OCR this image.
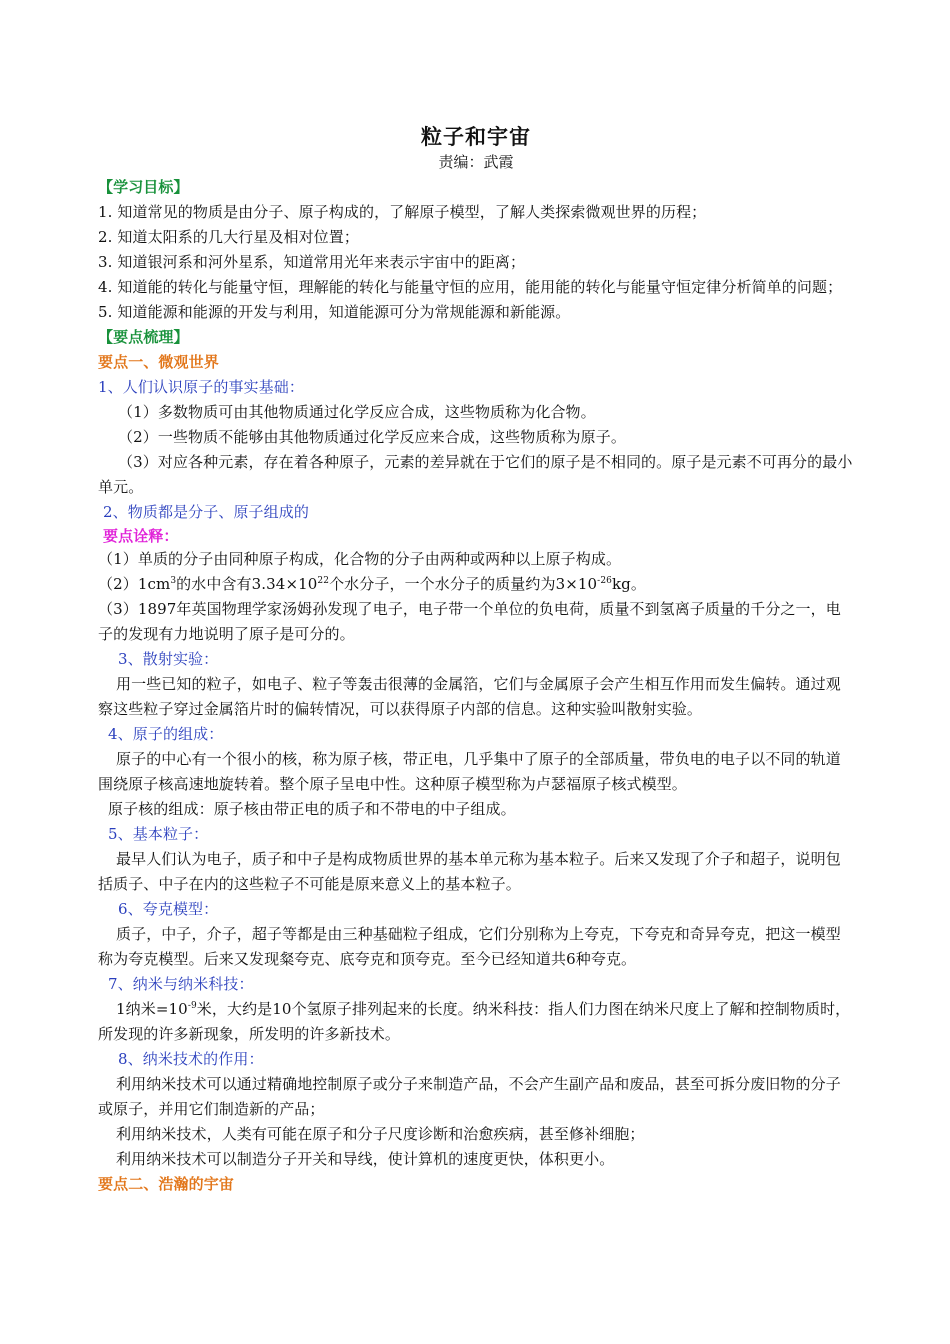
粒子和宇宙
责编：武霞

【学习目标】

1. 知道常见的物质是由分子、原子构成的，了解原子模型，了解人类探索微观世界的历程；

2. 知道太阳系的几大行星及相对位置；

3. 知道银河系和河外星系，知道常用光年来表示宇宙中的距离；

4. 知道能的转化与能量守恒，理解能的转化与能量守恒的应用，能用能的转化与能量守恒定律分析简单的问题；

5. 知道能源和能源的开发与利用，知道能源可分为常规能源和新能源。

【要点梳理】

要点一、微观世界

1、人们认识原子的事实基础：

（1）多数物质可由其他物质通过化学反应合成，这些物质称为化合物。

（2）一些物质不能够由其他物质通过化学反应来合成，这些物质称为原子。

（3）对应各种元素，存在着各种原子，元素的差异就在于它们的原子是不相同的。原子是元素不可再分的最小单元。

2、物质都是分子、原子组成的

要点诠释：

（1）单质的分子由同种原子构成，化合物的分子由两种或两种以上原子构成。

$(2)1cm^3$的水中含有$3.34\times 10^{22}$个水分子，一个水分子的质量约为$3\times 10^{-26}kg$。

（3）1897年英国物理学家汤姆孙发现了电子，电子带一个单位的负电荷，质量不到氢离子质量的千分之一，电子的发现有力地说明了原子是可分的。

3、散射实验：

用一些已知的粒子，如电子、粒子等轰击很薄的金属箔，它们与金属原子会产生相互作用而发生偏转。通过观察这些粒子穿过金属箔片时的偏转情况，可以获得原子内部的信息。这种实验叫散射实验。

4、原子的组成：

原子的中心有一个很小的核，称为原子核，带正电，几乎集中了原子的全部质量，带负电的电子以不同的轨道围绕原子核高速地旋转着。整个原子呈电中性。这种原子模型称为卢瑟福原子核式模型。

原子核的组成：原子核由带正电的质子和不带电的中子组成。

5、基本粒子：

最早人们认为电子，质子和中子是构成物质世界的基本单元称为基本粒子。后来又发现了介子和超子，说明包括质子、中子在内的这些粒子不可能是原来意义上的基本粒子。

6、夸克模型：

质子，中子，介子，超子等都是由三种基础粒子组成，它们分别称为上夸克，下夸克和奇异夸克，把这一模型称为夸克模型。后来又发现粲夸克、底夸克和顶夸克。至今已经知道共6种夸克。

7、纳米与纳米科技：

1纳米$=10^{-9}$米，大约是10个氢原子排列起来的长度。纳米科技：指人们力图在纳米尺度上了解和控制物质时，所发现的许多新现象，所发明的许多新技术。

8、纳米技术的作用：

利用纳米技术可以通过精确地控制原子或分子来制造产品，不会产生副产品和废品，甚至可拆分废旧物的分子或原子，并用它们制造新的产品；

利用纳米技术，人类有可能在原子和分子尺度诊断和治愈疾病，甚至修补细胞；

利用纳米技术可以制造分子开关和导线，使计算机的速度更快，体积更小。

要点二、浩瀚的宇宙
